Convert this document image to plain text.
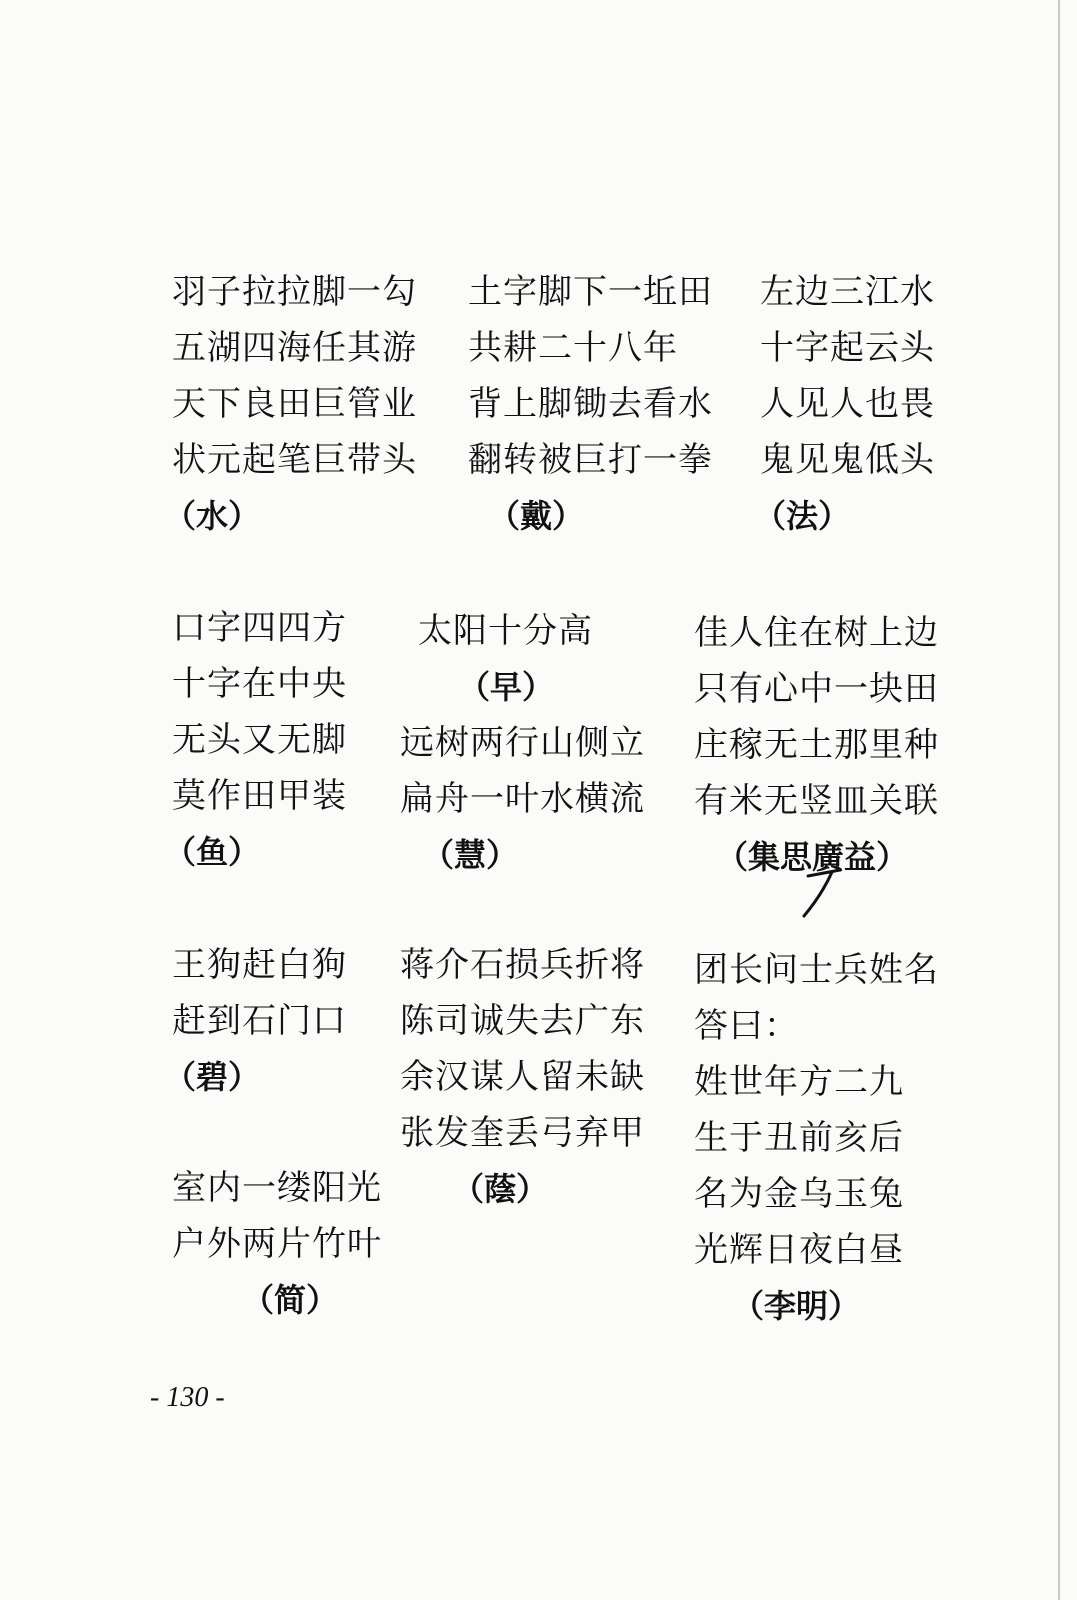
羽子拉拉脚一勾
五湖四海任其游
天下良田巨管业
状元起笔巨带头
（水）
土字脚下一坵田
共耕二十八年
背上脚锄去看水
翻转被巨打一拳
（戴）
左边三江水
十字起云头
人见人也畏
鬼见鬼低头
（法）
口字四四方
十字在中央
无头又无脚
莫作田甲装
（鱼）
太阳十分高
（早）
远树两行山侧立
扁舟一叶水横流
（慧）
佳人住在树上边
只有心中一块田
庄稼无土那里种
有米无竖皿关联
（集思廣益）
王狗赶白狗
赶到石门口
（碧）
室内一缕阳光
户外两片竹叶
（简）
蒋介石损兵折将
陈司诚失去广东
余汉谋人留未缺
张发奎丢弓弃甲
（蔭）
团长问士兵姓名
答曰：
姓世年方二九
生于丑前亥后
名为金乌玉兔
光辉日夜白昼
（李明）
- 130 -
